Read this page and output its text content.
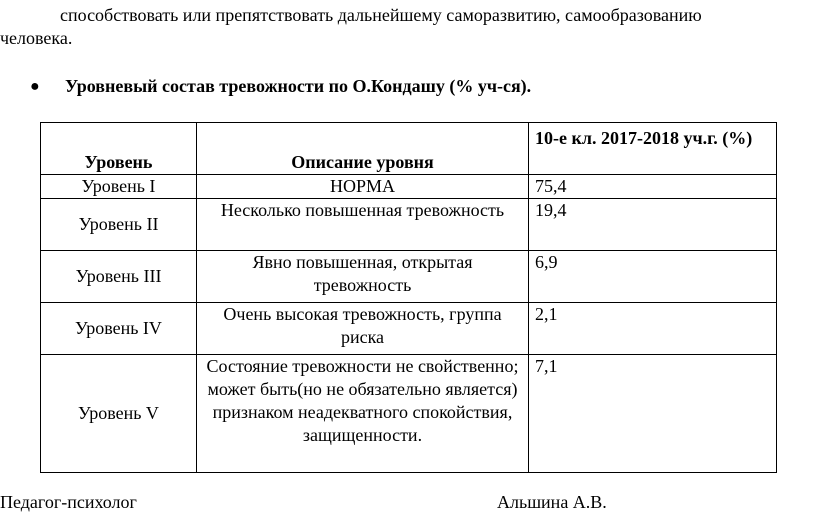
способствовать или препятствовать дальнейшему саморазвитию, самообразованию
человека.
●	Уровневый состав тревожности по О.Кондашу (% уч-ся).
Уровень	Описание уровня	10-е кл. 2017-2018 уч.г. (%)
Уровень I	НОРМА	75,4
Уровень II	Несколько повышенная тревожность	19,4
Уровень III	Явно повышенная, открытая тревожность	6,9
Уровень IV	Очень высокая тревожность, группа риска	2,1
Уровень V	Состояние тревожности не свойственно; может быть(но не обязательно является) признаком неадекватного спокойствия, защищенности.	7,1
Педагог-психолог	Альшина А.В.
